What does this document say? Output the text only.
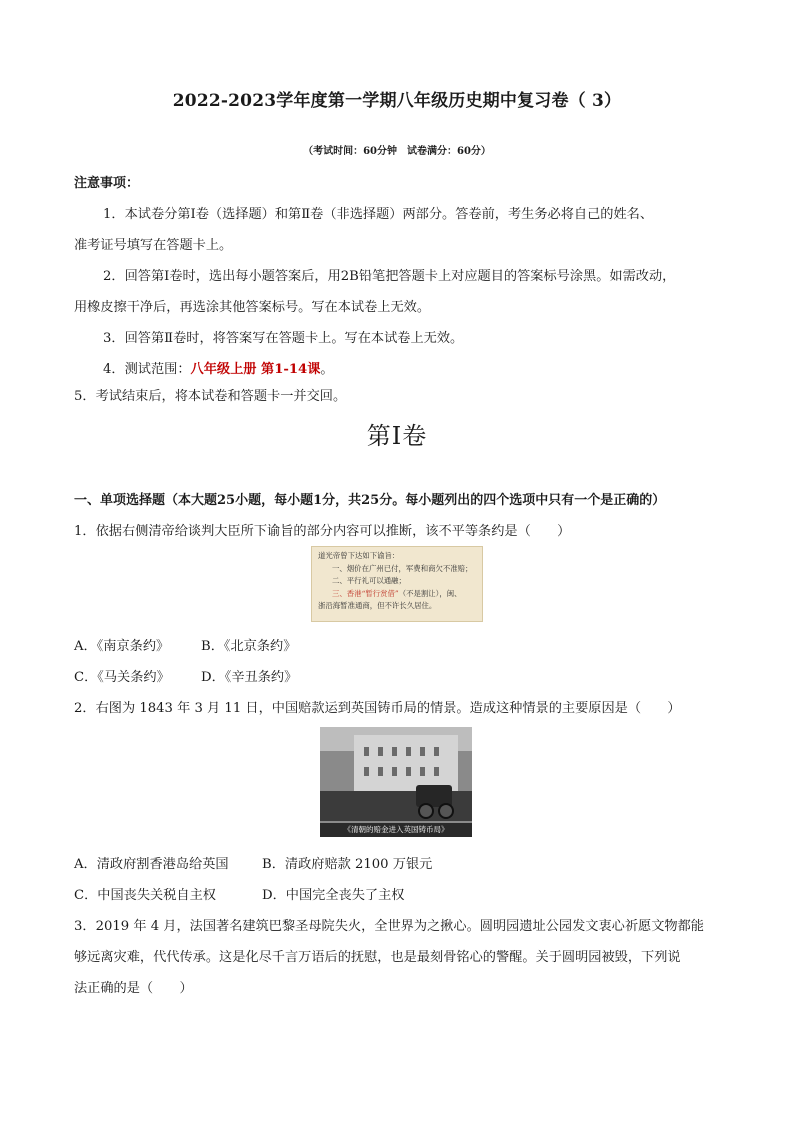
2022-2023学年度第一学期八年级历史期中复习卷（ 3）
（考试时间：60分钟　试卷满分：60分）
注意事项：
1．本试卷分第Ⅰ卷（选择题）和第Ⅱ卷（非选择题）两部分。答卷前，考生务必将自己的姓名、
准考证号填写在答题卡上。
2．回答第Ⅰ卷时，选出每小题答案后，用2B铅笔把答题卡上对应题目的答案标号涂黑。如需改动，
用橡皮擦干净后，再选涂其他答案标号。写在本试卷上无效。
3．回答第Ⅱ卷时，将答案写在答题卡上。写在本试卷上无效。
4．测试范围：八年级上册 第1-14课。
5．考试结束后，将本试卷和答题卡一并交回。
第Ⅰ卷
一、单项选择题（本大题25小题，每小题1分，共25分。每小题列出的四个选项中只有一个是正确的）
1．依据右侧清帝给谈判大臣所下谕旨的部分内容可以推断，该不平等条约是（　　）
道光帝曾下达如下谕旨：
一、烟价在广州已付，军费和商欠不准赔；
二、平行礼可以通融；
三、香港“暂行赏借”（不是割让），闽、
浙沿海暂准通商，但不许长久居住。
A．《南京条约》 B．《北京条约》
C．《马关条约》 D．《辛丑条约》
2．右图为 1843 年 3 月 11 日，中国赔款运到英国铸币局的情景。造成这种情景的主要原因是（　　）
《清朝的赔金进入英国铸币局》
A．清政府割香港岛给英国	B．清政府赔款 2100 万银元
C．中国丧失关税自主权	D．中国完全丧失了主权
3．2019 年 4 月，法国著名建筑巴黎圣母院失火，全世界为之揪心。圆明园遗址公园发文衷心祈愿文物都能
够远离灾难，代代传承。这是化尽千言万语后的抚慰，也是最刻骨铭心的警醒。关于圆明园被毁，下列说
法正确的是（　　）
